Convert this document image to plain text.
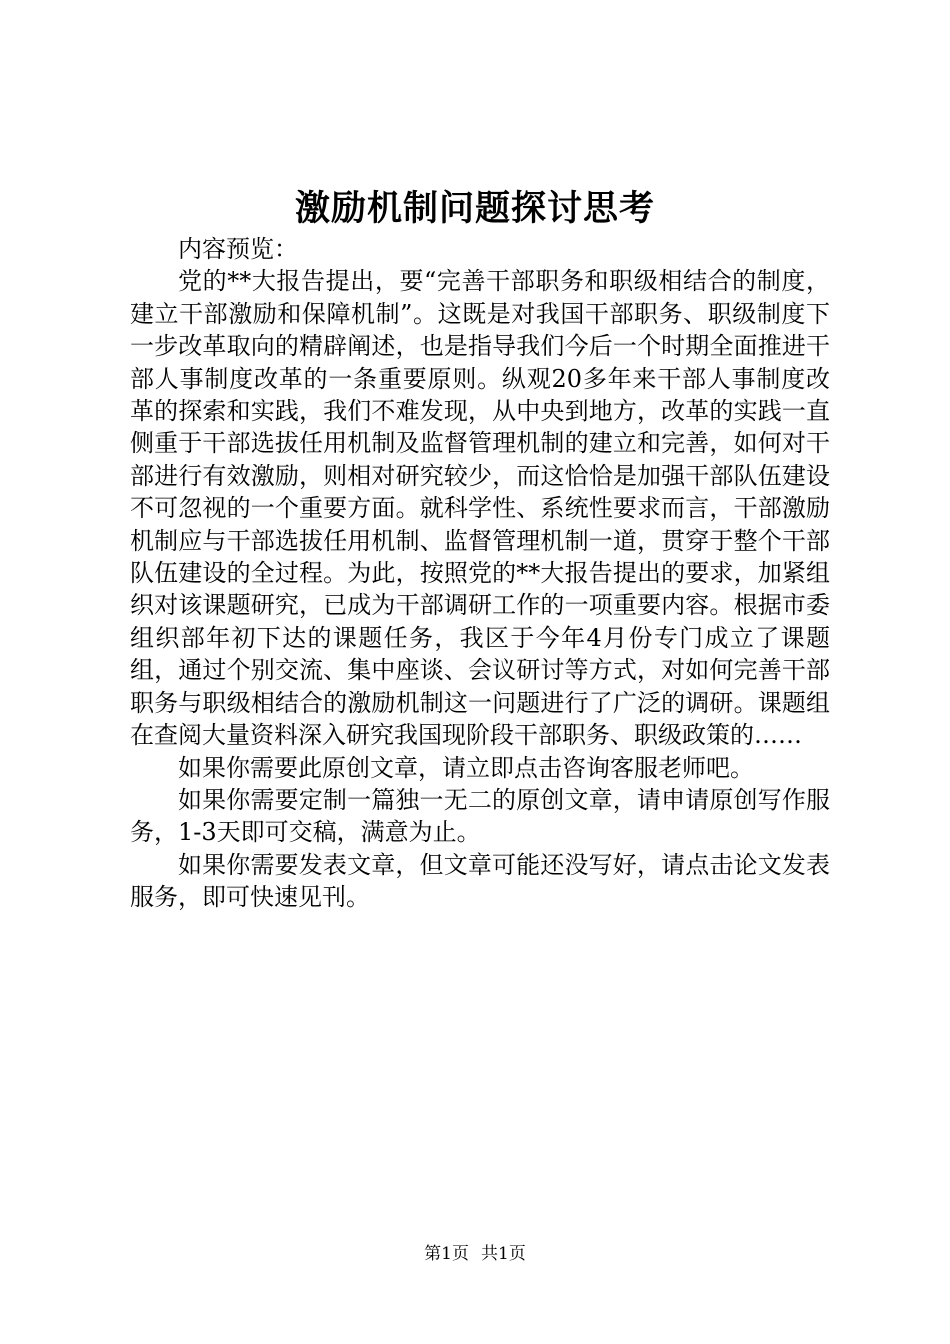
激励机制问题探讨思考

内容预览：

党的**大报告提出，要“完善干部职务和职级相结合的制度，建立干部激励和保障机制”。这既是对我国干部职务、职级制度下一步改革取向的精辟阐述，也是指导我们今后一个时期全面推进干部人事制度改革的一条重要原则。纵观20多年来干部人事制度改革的探索和实践，我们不难发现，从中央到地方，改革的实践一直侧重于干部选拔任用机制及监督管理机制的建立和完善，如何对干部进行有效激励，则相对研究较少，而这恰恰是加强干部队伍建设不可忽视的一个重要方面。就科学性、系统性要求而言，干部激励机制应与干部选拔任用机制、监督管理机制一道，贯穿于整个干部队伍建设的全过程。为此，按照党的**大报告提出的要求，加紧组织对该课题研究，已成为干部调研工作的一项重要内容。根据市委组织部年初下达的课题任务，我区于今年4月份专门成立了课题组，通过个别交流、集中座谈、会议研讨等方式，对如何完善干部职务与职级相结合的激励机制这一问题进行了广泛的调研。课题组在查阅大量资料深入研究我国现阶段干部职务、职级政策的……

如果你需要此原创文章，请立即点击咨询客服老师吧。

如果你需要定制一篇独一无二的原创文章，请申请原创写作服务，1-3天即可交稿，满意为止。

如果你需要发表文章，但文章可能还没写好，请点击论文发表服务，即可快速见刊。

第1页 共1页
